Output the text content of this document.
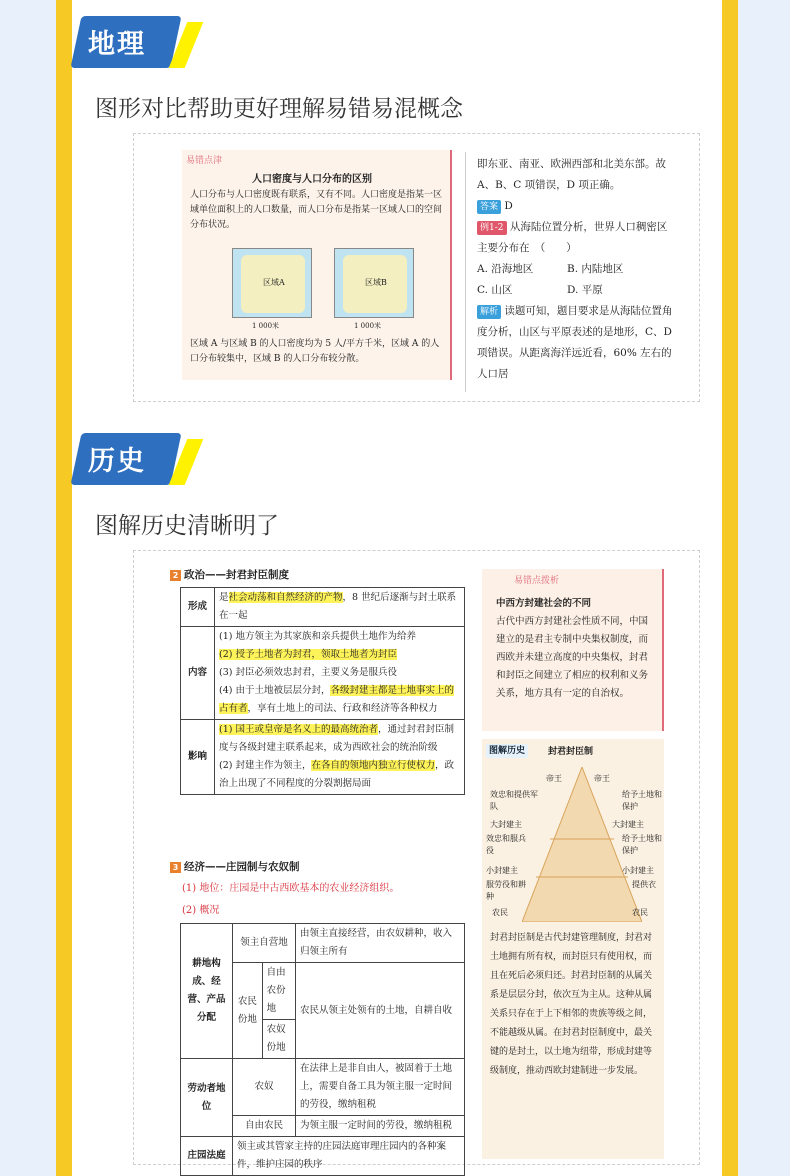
地理
图形对比帮助更好理解易错易混概念
易错点津
人口密度与人口分布的区别
人口分布与人口密度既有联系，又有不同。人口密度是指某一区域单位面积上的人口数量，而人口分布是指某一区域人口的空间分布状况。
区域A	区域B
1 000米	1 000米
区域 A 与区域 B 的人口密度均为 5 人/平方千米，区域 A 的人口分布较集中，区域 B 的人口分布较分散。
即东亚、南亚、欧洲西部和北美东部。故 A、B、C 项错误，D 项正确。
答案 D
例1-2 从海陆位置分析，世界人口稠密区主要分布在　（　　）
A. 沿海地区	B. 内陆地区
C. 山区	D. 平原
解析 读题可知，题目要求是从海陆位置角度分析，山区与平原表述的是地形，C、D 项错误。从距离海洋远近看，60% 左右的人口居
历史
图解历史清晰明了
2 政治——封君封臣制度
形成	是社会动荡和自然经济的产物，8 世纪后逐渐与封土联系在一起
内容	(1) 地方领主为其家族和亲兵提供土地作为给养
(2) 授予土地者为封君，领取土地者为封臣
(3) 封臣必须效忠封君，主要义务是服兵役
(4) 由于土地被层层分封，各级封建主都是土地事实上的占有者，享有土地上的司法、行政和经济等各种权力

影响	(1) 国王或皇帝是名义上的最高统治者，通过封君封臣制度与各级封建主联系起来，成为西欧社会的统治阶级
(2) 封建主作为领主，在各自的领地内独立行使权力，政治上出现了不同程度的分裂割据局面
3 经济——庄园制与农奴制
(1) 地位：庄园是中古西欧基本的农业经济组织。
(2) 概况
耕地构成、经营、产品分配	领主自营地		由领主直接经营，由农奴耕种，收入归领主所有
	农民份地	自由农份地	农民从领主处领有的土地，自耕自收
		农奴份地	
劳动者地位	农奴		在法律上是非自由人，被固着于土地上，需要自备工具为领主服一定时间的劳役，缴纳租税
	自由农民		为领主服一定时间的劳役，缴纳租税
庄园法庭	领主或其管家主持的庄园法庭审理庄园内的各种案件，维护庄园的秩序		
易错点拨析
中西方封建社会的不同
古代中西方封建社会性质不同，中国建立的是君主专制中央集权制度，而西欧并未建立高度的中央集权，封君和封臣之间建立了相应的权利和义务关系，地方具有一定的自治权。
图解历史	封君封臣制
帝王	帝王
效忠和提供军队
给予土地和保护
大封建主	大封建主
效忠和服兵役
给予土地和保护
小封建主	小封建主
服劳役和耕种
提供衣
农民	农民
封君封臣制是古代封建管理制度，封君对土地拥有所有权，而封臣只有使用权，而且在死后必须归还。封君封臣制的从属关系是层层分封，依次互为主从。这种从属关系只存在于上下相邻的贵族等级之间，不能越级从属。在封君封臣制度中，最关键的是封土，以土地为纽带，形成封建等级制度，推动西欧封建制进一步发展。
